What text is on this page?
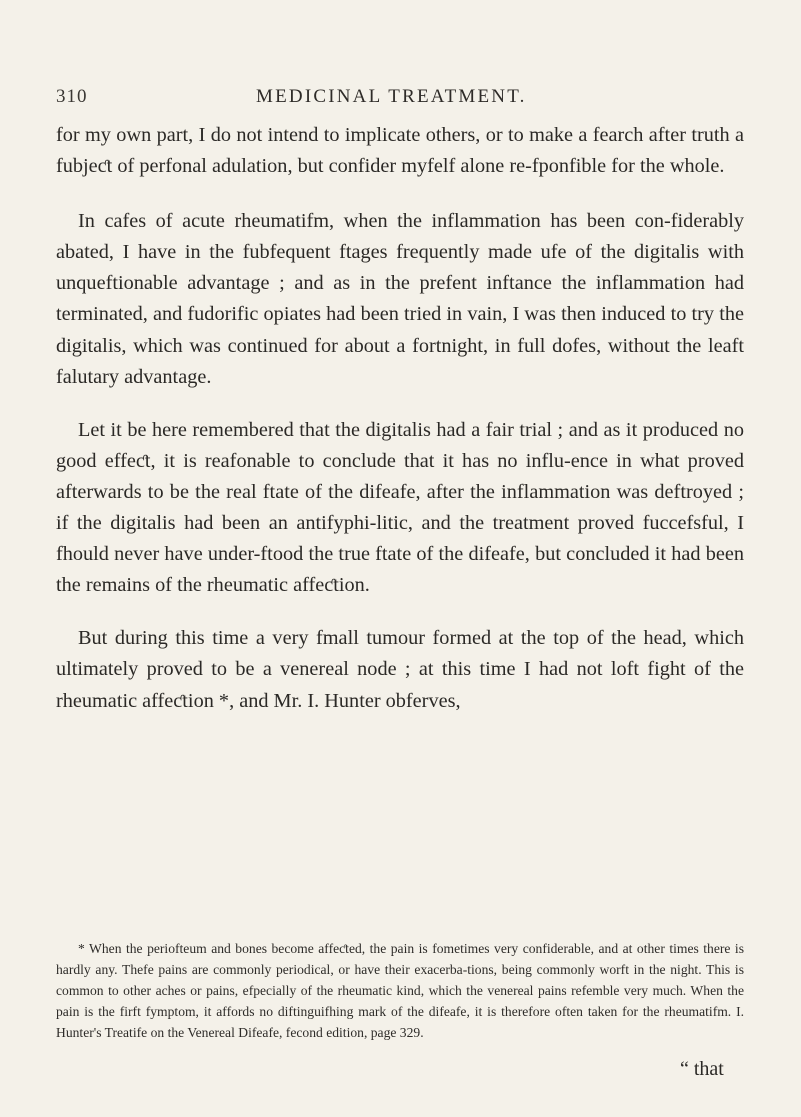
310	MEDICINAL TREATMENT.

for my own part, I do not intend to implicate others, or to make a fearch after truth a fubjeƈt of perfonal adulation, but confider myfelf alone re-fponfible for the whole.

In cafes of acute rheumatifm, when the inflammation has been con-fiderably abated, I have in the fubfequent ftages frequently made ufe of the digitalis with unqueftionable advantage ; and as in the prefent inftance the inflammation had terminated, and fudorific opiates had been tried in vain, I was then induced to try the digitalis, which was continued for about a fortnight, in full dofes, without the leaft falutary advantage.

Let it be here remembered that the digitalis had a fair trial ; and as it produced no good effeƈt, it is reafonable to conclude that it has no influ-ence in what proved afterwards to be the real ftate of the difeafe, after the inflammation was deftroyed ; if the digitalis had been an antifyphi-litic, and the treatment proved fuccefsful, I fhould never have under-ftood the true ftate of the difeafe, but concluded it had been the remains of the rheumatic affeƈtion.

But during this time a very fmall tumour formed at the top of the head, which ultimately proved to be a venereal node ; at this time I had not loft fight of the rheumatic affeƈtion *, and Mr. I. Hunter obferves,

* When the periofteum and bones become affeƈted, the pain is fometimes very confiderable, and at other times there is hardly any. Thefe pains are commonly periodical, or have their exacerba-tions, being commonly worft in the night. This is common to other aches or pains, efpecially of the rheumatic kind, which the venereal pains refemble very much. When the pain is the firft fymptom, it affords no diftinguifhing mark of the difeafe, it is therefore often taken for the rheumatifm. I. Hunter's Treatife on the Venereal Difeafe, fecond edition, page 329.

“ that
